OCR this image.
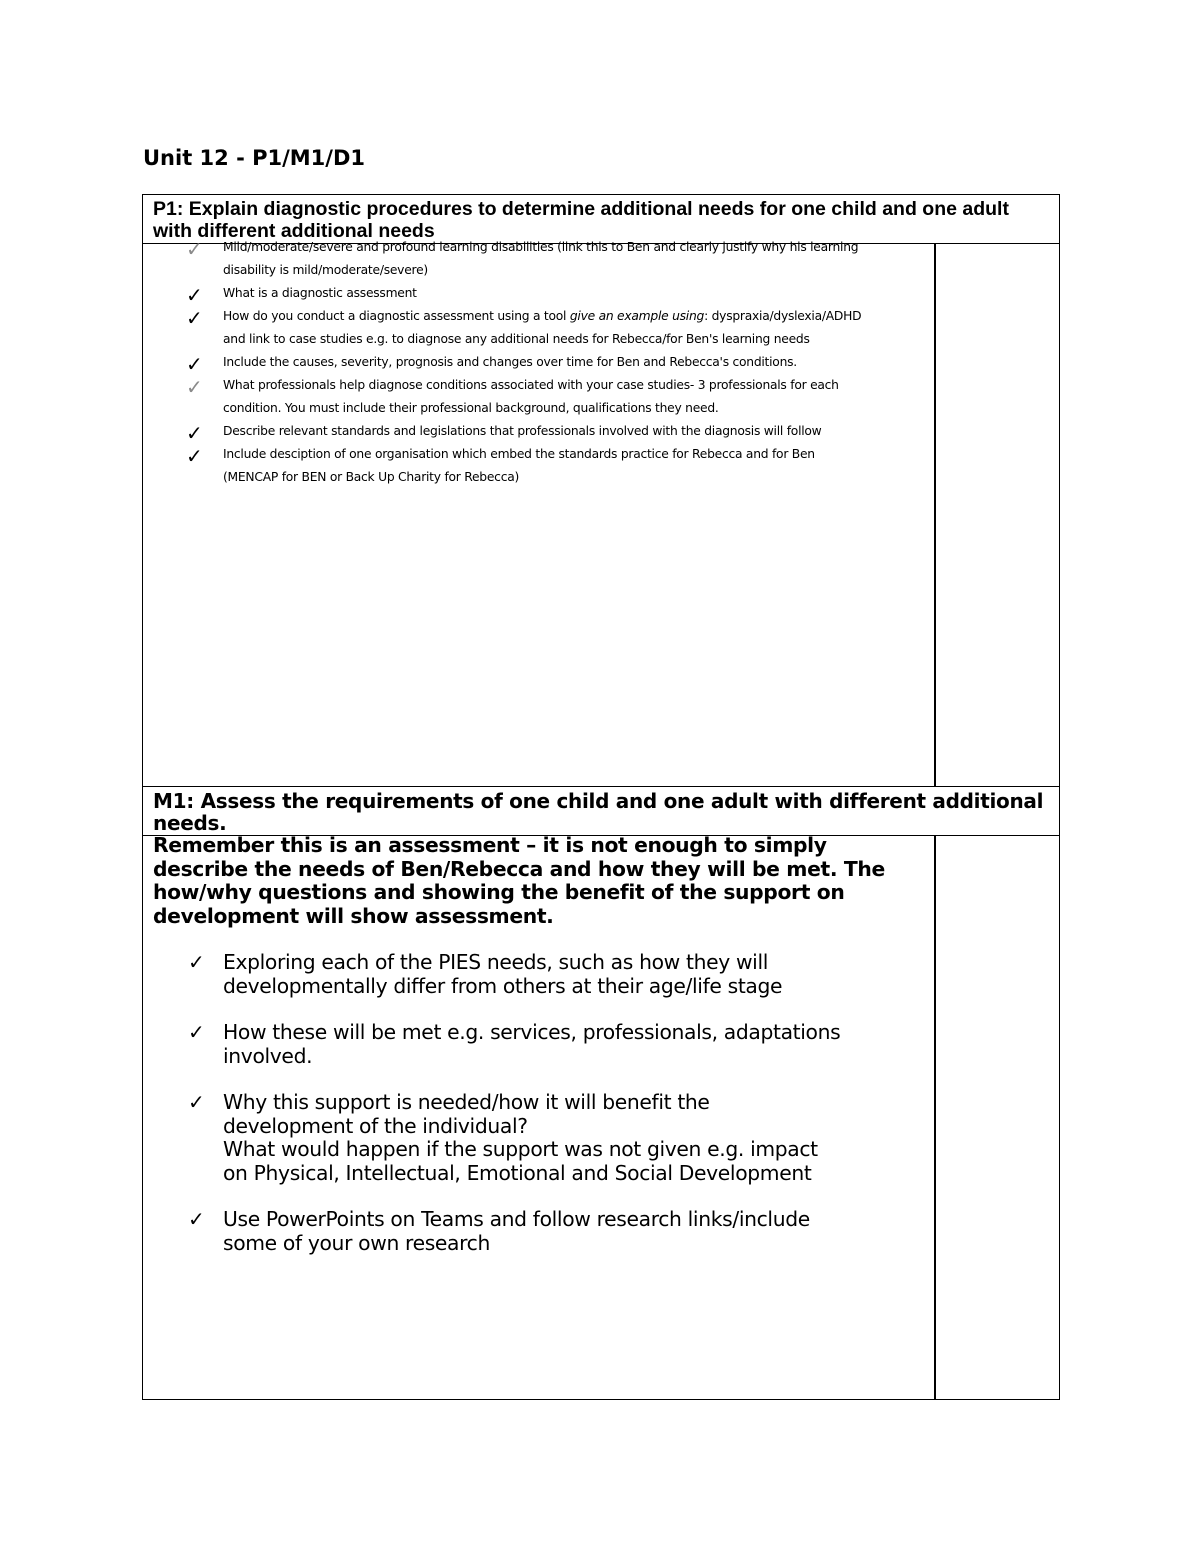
Unit 12 - P1/M1/D1
P1: Explain diagnostic procedures to determine additional needs for one child and one adult with different additional needs
✓ Mild/moderate/severe and profound learning disabilities (link this to Ben and clearly justify why his learning
disability is mild/moderate/severe)
✓ What is a diagnostic assessment
✓ How do you conduct a diagnostic assessment using a tool give an example using: dyspraxia/dyslexia/ADHD
and link to case studies e.g. to diagnose any additional needs for Rebecca/for Ben's learning needs
✓ Include the causes, severity, prognosis and changes over time for Ben and Rebecca's conditions.
✓ What professionals help diagnose conditions associated with your case studies- 3 professionals for each
condition. You must include their professional background, qualifications they need.
✓ Describe relevant standards and legislations that professionals involved with the diagnosis will follow
✓ Include desciption of one organisation which embed the standards practice for Rebecca and for Ben
(MENCAP for BEN or Back Up Charity for Rebecca)
M1: Assess the requirements of one child and one adult with different additional needs.
Remember this is an assessment – it is not enough to simply describe the needs of Ben/Rebecca and how they will be met. The how/why questions and showing the benefit of the support on development will show assessment.
✓ Exploring each of the PIES needs, such as how they will
developmentally differ from others at their age/life stage
✓ How these will be met e.g. services, professionals, adaptations
involved.
✓ Why this support is needed/how it will benefit the
development of the individual?
What would happen if the support was not given e.g. impact
on Physical, Intellectual, Emotional and Social Development
✓ Use PowerPoints on Teams and follow research links/include
some of your own research
